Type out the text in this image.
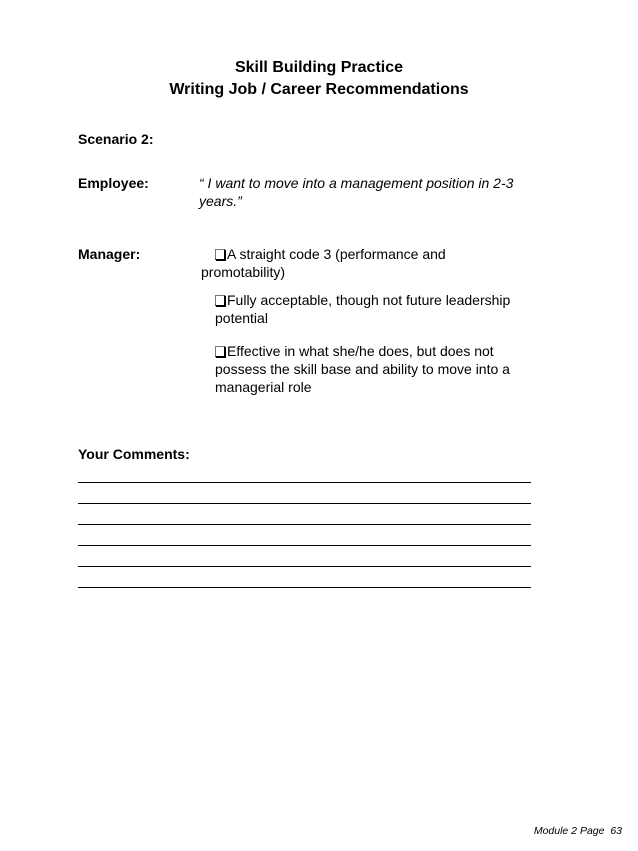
Skill Building Practice
Writing Job / Career Recommendations
Scenario 2:
Employee:	“ I want to move into a management position in 2-3
years.”
Manager:	A straight code 3 (performance and
promotability)
Fully acceptable, though not future leadership
potential
Effective in what she/he does, but does not
possess the skill base and ability to move into a
managerial role
Your Comments:
Module 2 Page 63
